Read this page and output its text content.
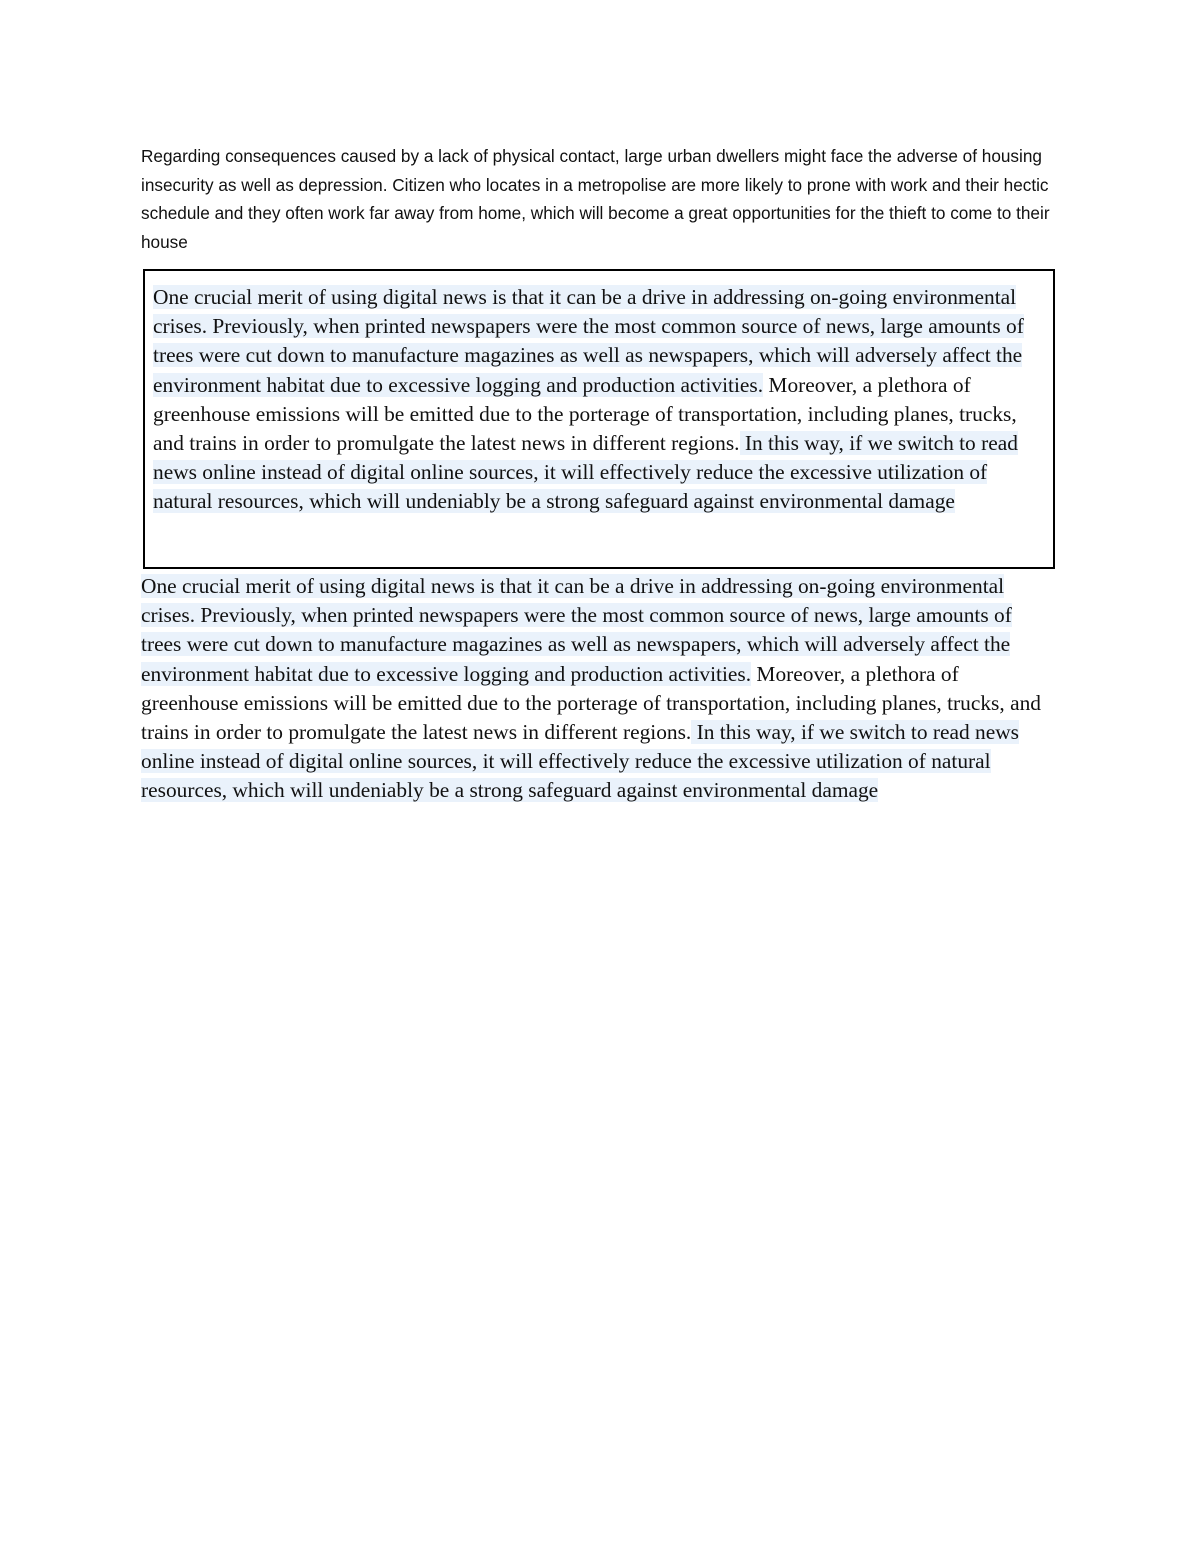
Regarding consequences caused by a lack of physical contact, large urban dwellers might face the adverse of housing insecurity as well as depression. Citizen who locates in a metropolise are more likely to prone with work and their hectic schedule and they often work far away from home, which will become a great opportunities for the thieft to come to their house

One crucial merit of using digital news is that it can be a drive in addressing on-going environmental crises. Previously, when printed newspapers were the most common source of news, large amounts of trees were cut down to manufacture magazines as well as newspapers, which will adversely affect the environment habitat due to excessive logging and production activities. Moreover, a plethora of greenhouse emissions will be emitted due to the porterage of transportation, including planes, trucks, and trains in order to promulgate the latest news in different regions. In this way, if we switch to read news online instead of digital online sources, it will effectively reduce the excessive utilization of natural resources, which will undeniably be a strong safeguard against environmental damage

One crucial merit of using digital news is that it can be a drive in addressing on-going environmental crises. Previously, when printed newspapers were the most common source of news, large amounts of trees were cut down to manufacture magazines as well as newspapers, which will adversely affect the environment habitat due to excessive logging and production activities. Moreover, a plethora of greenhouse emissions will be emitted due to the porterage of transportation, including planes, trucks, and trains in order to promulgate the latest news in different regions. In this way, if we switch to read news online instead of digital online sources, it will effectively reduce the excessive utilization of natural resources, which will undeniably be a strong safeguard against environmental damage
